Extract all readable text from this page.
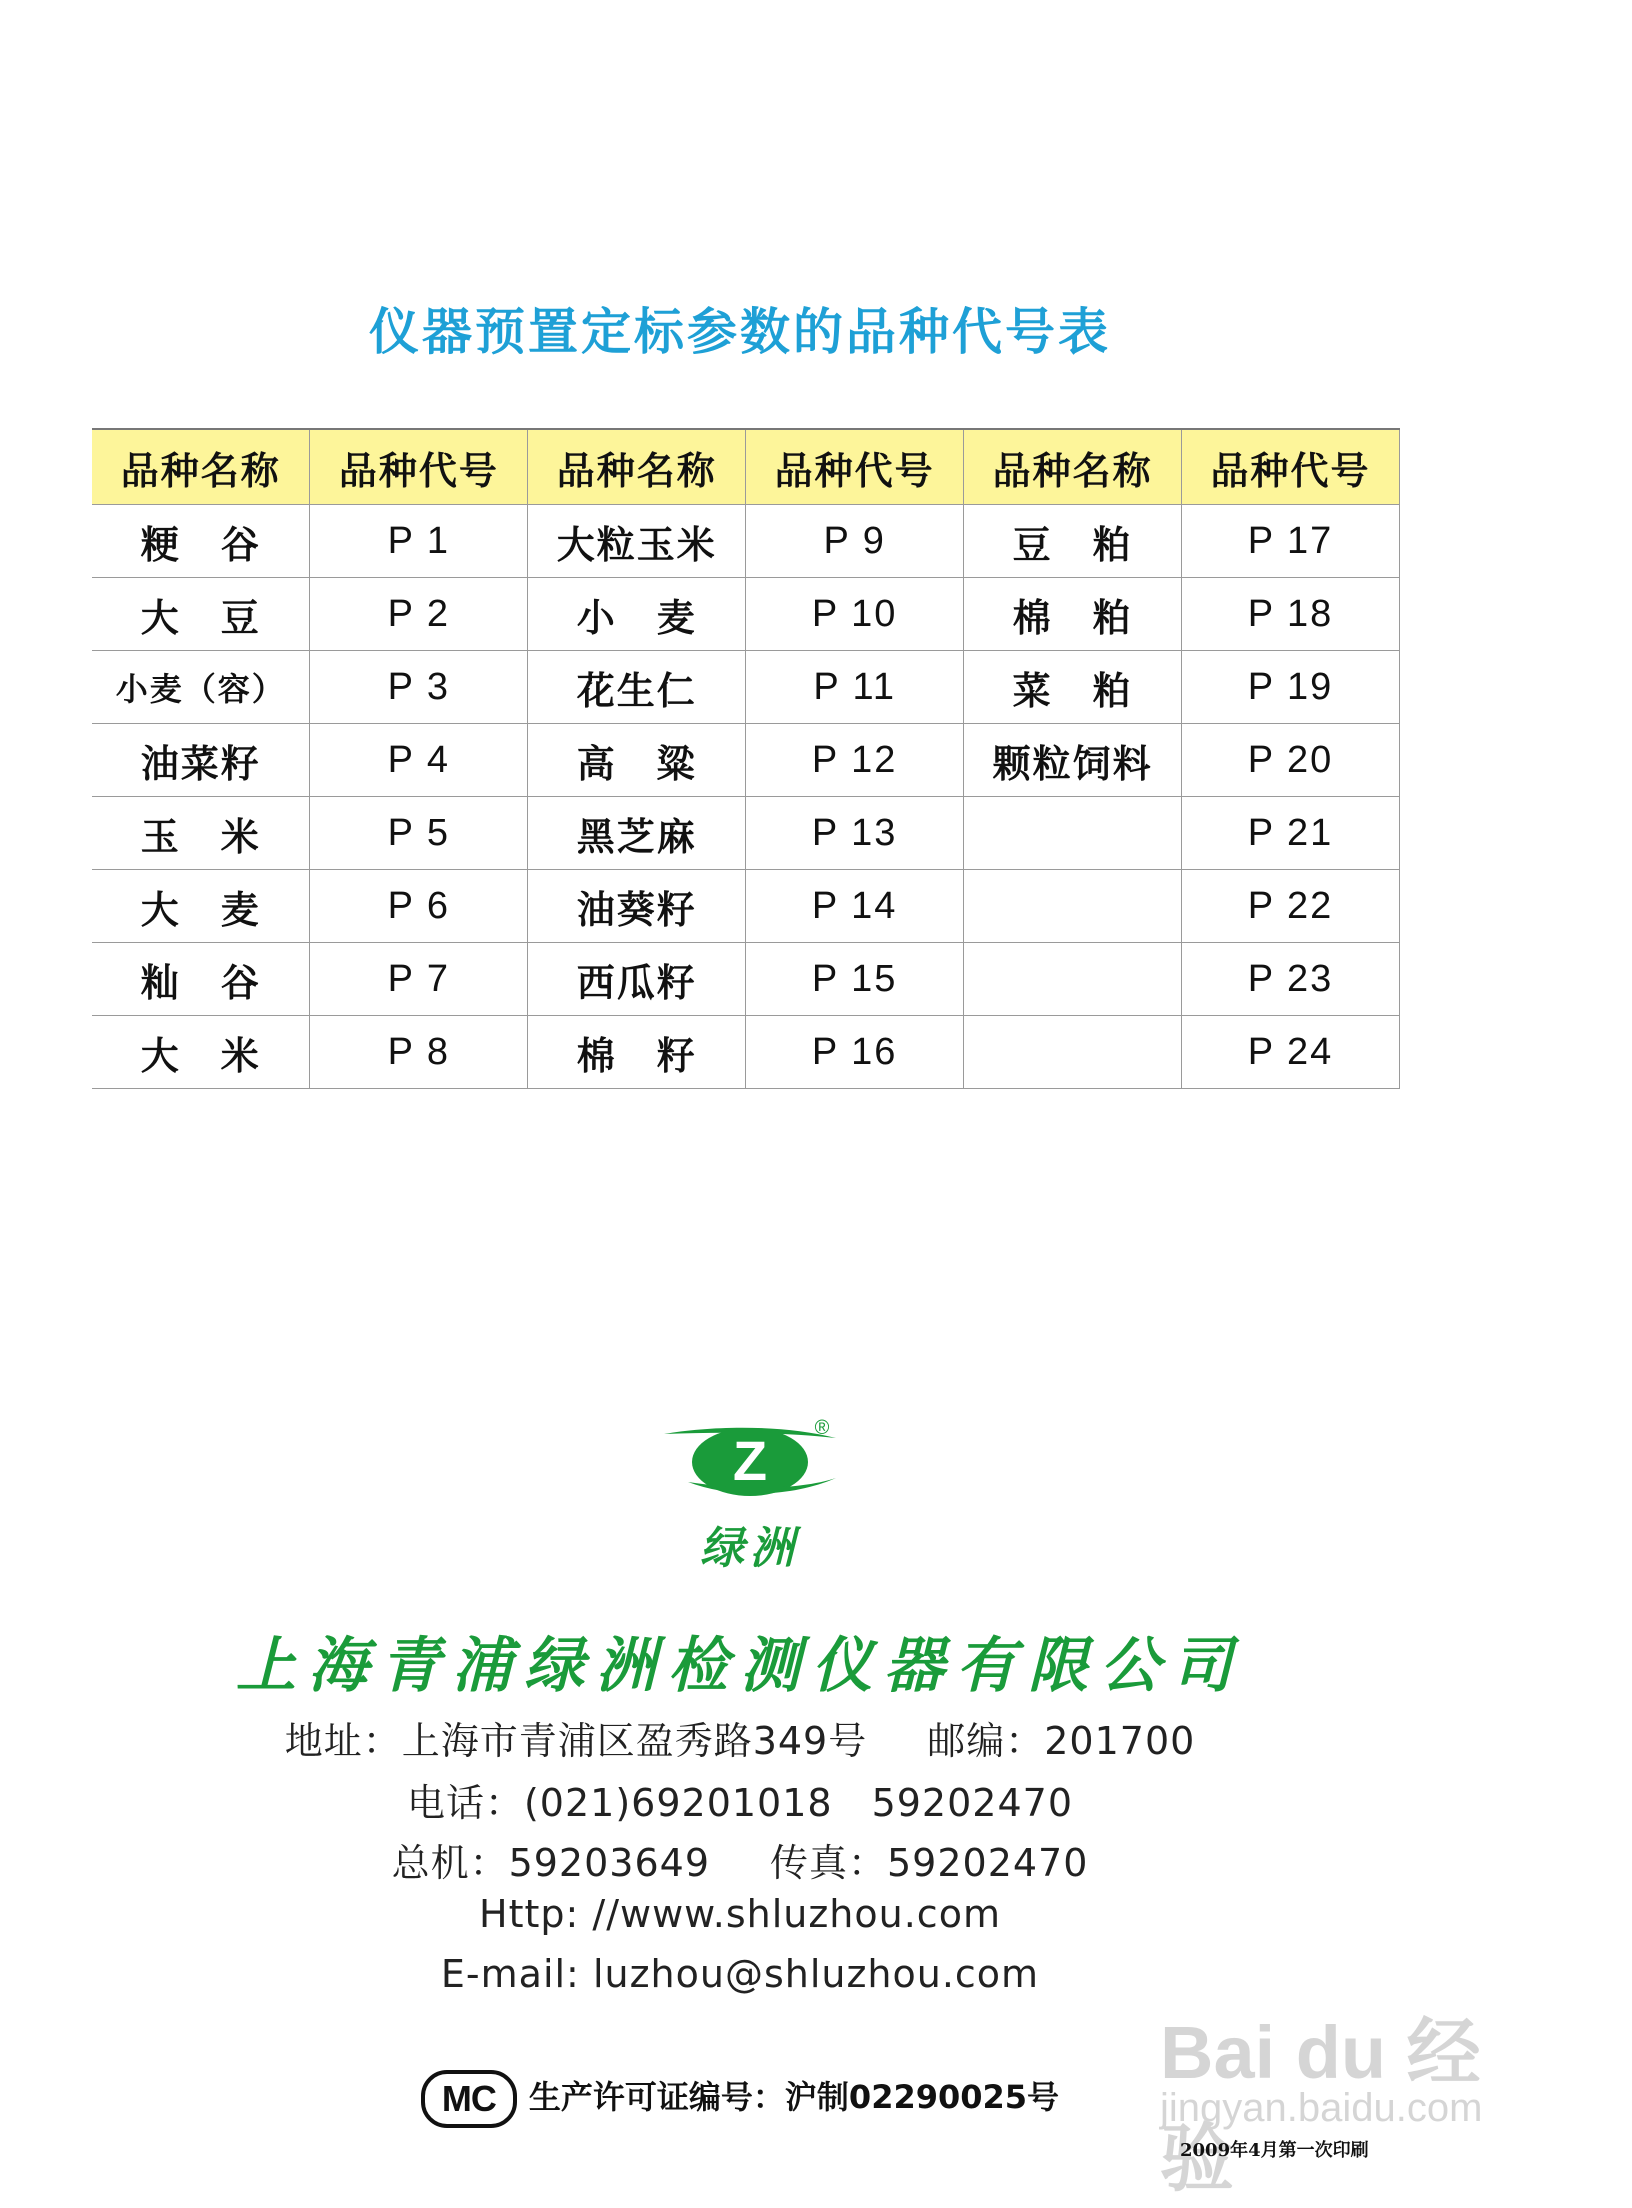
仪器预置定标参数的品种代号表
品种名称	品种代号	品种名称	品种代号	品种名称	品种代号
粳　谷	P 1	大粒玉米	P 9	豆　粕	P 17
大　豆	P 2	小　麦	P 10	棉　粕	P 18
小麦（容）	P 3	花生仁	P 11	菜　粕	P 19
油菜籽	P 4	高　粱	P 12	颗粒饲料	P 20
玉　米	P 5	黑芝麻	P 13		P 21
大　麦	P 6	油葵籽	P 14		P 22
籼　谷	P 7	西瓜籽	P 15		P 23
大　米	P 8	棉　籽	P 16		P 24
Z
®
绿洲
上海青浦绿洲检测仪器有限公司
地址：上海市青浦区盈秀路349号 邮编：201700
电话：(021)69201018　59202470
总机：59203649 传真：59202470
Http: //www.shluzhou.com
E-mail: luzhou@shluzhou.com
MC 生产许可证编号：沪制02290025号
Bai du 经验
jingyan.baidu.com
2009年4月第一次印刷
